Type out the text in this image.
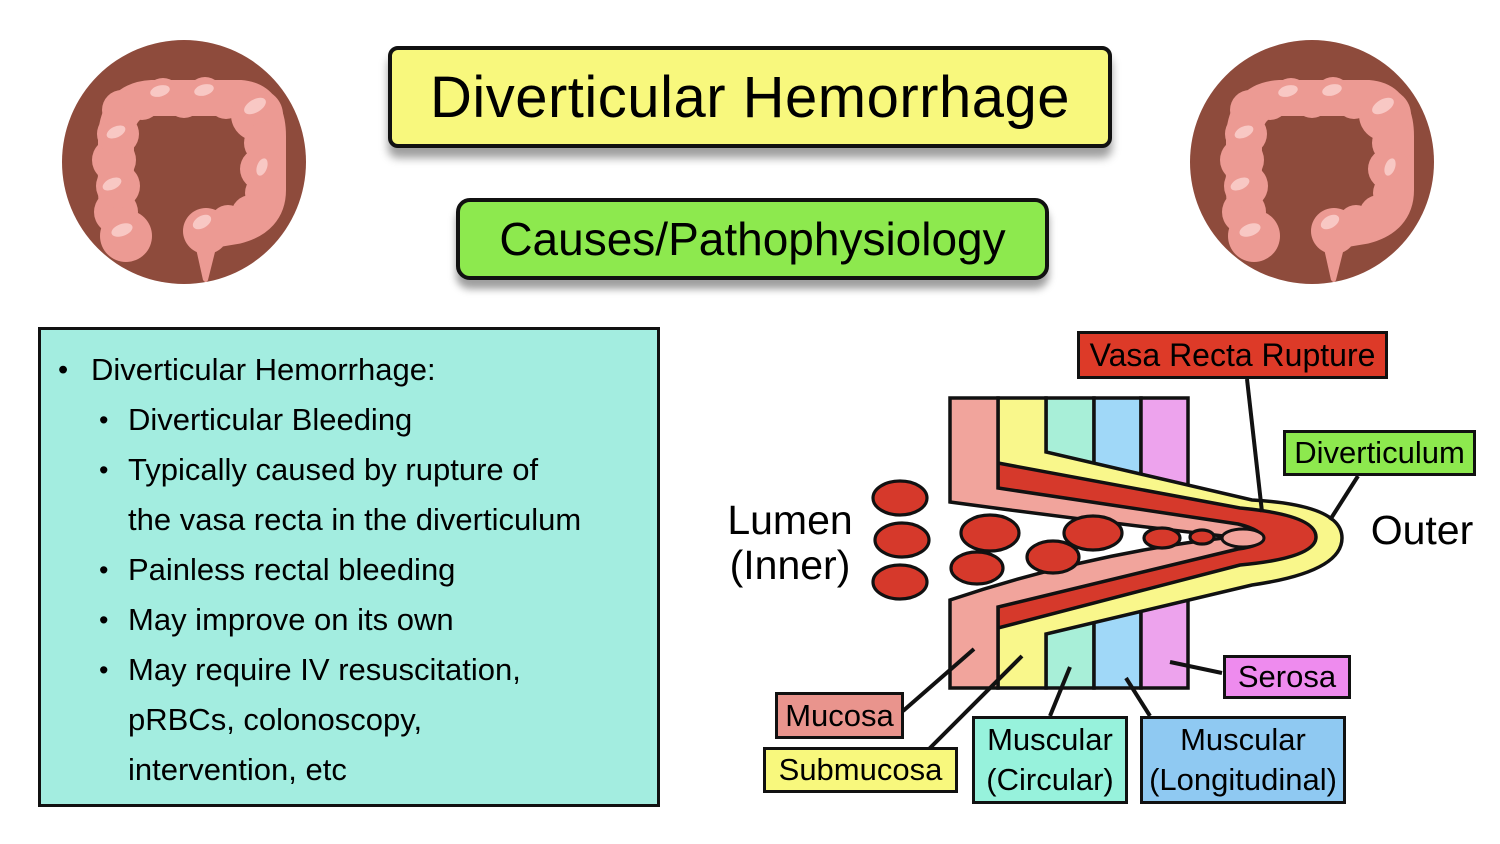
Diverticular Hemorrhage
Causes/Pathophysiology
• Diverticular Hemorrhage:
• Diverticular Bleeding
• Typically caused by rupture of
the vasa recta in the diverticulum
• Painless rectal bleeding
• May improve on its own
• May require IV resuscitation,
pRBCs, colonoscopy,
intervention, etc
Vasa Recta Rupture
Diverticulum
Lumen
(Inner)
Outer
Mucosa
Submucosa
Muscular
(Circular)
Muscular
(Longitudinal)
Serosa
